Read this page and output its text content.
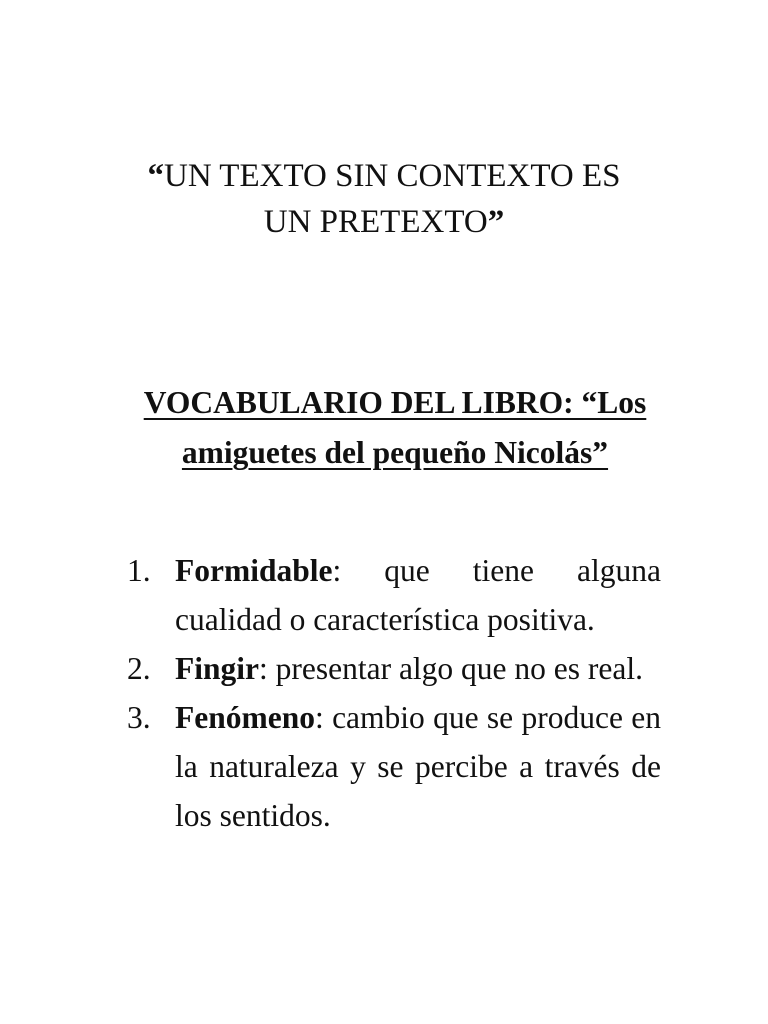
“UN TEXTO SIN CONTEXTO ES
UN PRETEXTO”
VOCABULARIO DEL LIBRO: “Los
amiguetes del pequeño Nicolás”
1. Formidable: que tiene alguna cualidad o característica positiva.
2. Fingir: presentar algo que no es real.
3. Fenómeno: cambio que se produce en la naturaleza y se percibe a través de los sentidos.
